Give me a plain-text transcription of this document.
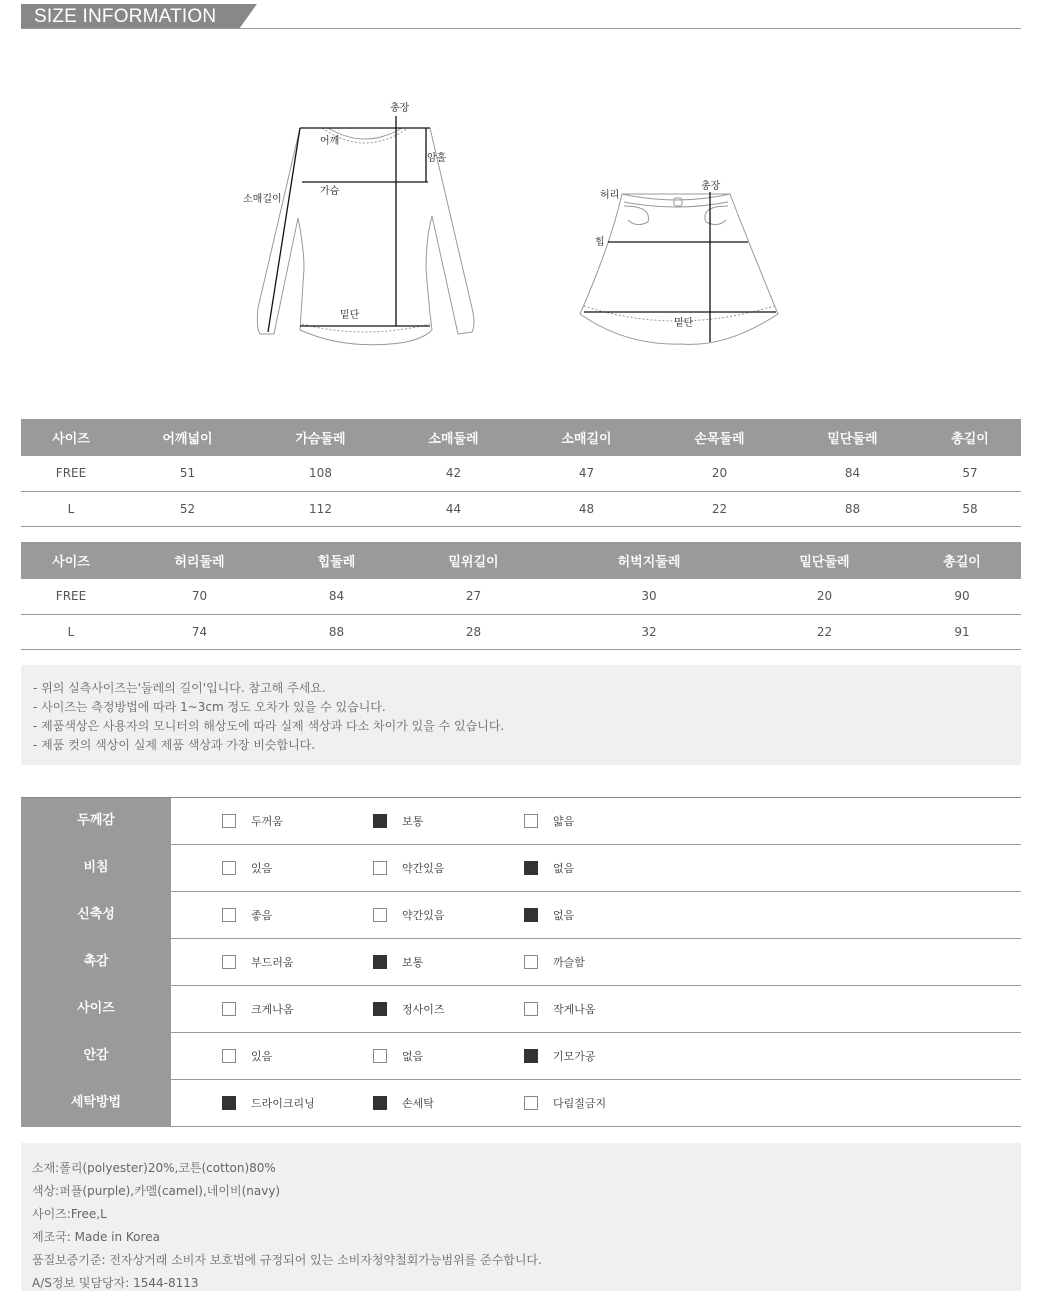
SIZE INFORMATION
총장
어깨
암홀
소매길이
가슴
밑단
총장
허리
힙
밑단
사이즈	어깨넓이	가슴둘레	소매둘레	소매길이	손목둘레	밑단둘레	총길이
FREE	51	108	42	47	20	84	57
L	52	112	44	48	22	88	58
사이즈	허리둘레	힙둘레	밑위길이	허벅지둘레	밑단둘레	총길이
FREE	70	84	27	30	20	90
L	74	88	28	32	22	91
- 위의 실측사이즈는'둘레의 길이'입니다. 참고해 주세요.
- 사이즈는 측정방법에 따라 1~3cm 정도 오차가 있을 수 있습니다.
- 제품색상은 사용자의 모니터의 해상도에 따라 실제 색상과 다소 차이가 있을 수 있습니다.
- 제품 컷의 색상이 실제 제품 색상과 가장 비슷합니다.
두께감	두꺼움	보통	얇음
비침	있음	약간있음	없음
신축성	좋음	약간있음	없음
촉감	부드러움	보통	까슬함
사이즈	크게나옴	정사이즈	작게나옴
안감	있음	없음	기모가공
세탁방법	드라이크리닝	손세탁	다림질금지
소재:폴리(polyester)20%,코튼(cotton)80%
색상:퍼플(purple),카멜(camel),네이비(navy)
사이즈:Free,L
제조국: Made in Korea
품질보증기준: 전자상거래 소비자 보호법에 규정되어 있는 소비자청약철회가능범위를 준수합니다.
A/S정보 및담당자: 1544-8113
